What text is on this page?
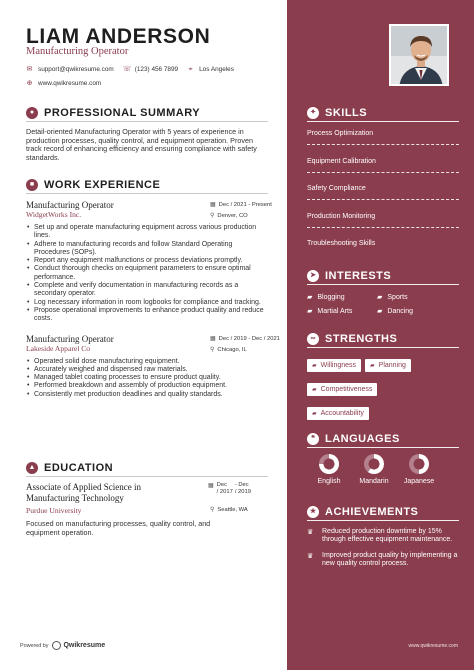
LIAM ANDERSON
Manufacturing Operator
✉ support@qwikresume.com ☏ (123) 456 7899 ⌖ Los Angeles
⊕ www.qwikresume.com
● PROFESSIONAL SUMMARY
Detail-oriented Manufacturing Operator with 5 years of experience in production processes, quality control, and equipment operation. Proven track record of enhancing efficiency and ensuring compliance with safety standards.
■ WORK EXPERIENCE
▦ Dec / 2021 - Present
⚲ Denver, CO
Manufacturing Operator
WidgetWorks Inc.
• Set up and operate manufacturing equipment across various production lines.
• Adhere to manufacturing records and follow Standard Operating Procedures (SOPs).
• Report any equipment malfunctions or process deviations promptly.
• Conduct thorough checks on equipment parameters to ensure optimal performance.
• Complete and verify documentation in manufacturing records as a secondary operator.
• Log necessary information in room logbooks for compliance and tracking.
• Propose operational improvements to enhance product quality and reduce costs.
▦ Dec / 2019 - Dec / 2021
⚲ Chicago, IL
Manufacturing Operator
Lakeside Apparel Co
• Operated solid dose manufacturing equipment.
• Accurately weighed and dispensed raw materials.
• Managed tablet coating processes to ensure product quality.
• Performed breakdown and assembly of production equipment.
• Consistently met production deadlines and quality standards.
▲ EDUCATION
▦ Dec
/ 2017
- Dec
/ 2019
⚲ Seattle, WA
Associate of Applied Science in Manufacturing Technology
Purdue University
Focused on manufacturing processes, quality control, and equipment operation.
Powered by Qwikresume
✦ SKILLS
Process Optimization
Equipment Calibration
Safety Compliance
Production Monitoring
Troubleshooting Skills
➤ INTERESTS
▰ Blogging	▰ Sports
▰ Martial Arts	▰ Dancing
∞ STRENGTHS
▰ Willingness ▰ Planning

▰ Competitiveness

▰ Accountability
❝ LANGUAGES
English	Mandarin Japanese
★ ACHIEVEMENTS
♛	Reduced production downtime by 15% through effective equipment maintenance.
♛	Improved product quality by implementing a new quality control process.
www.qwikresume.com
